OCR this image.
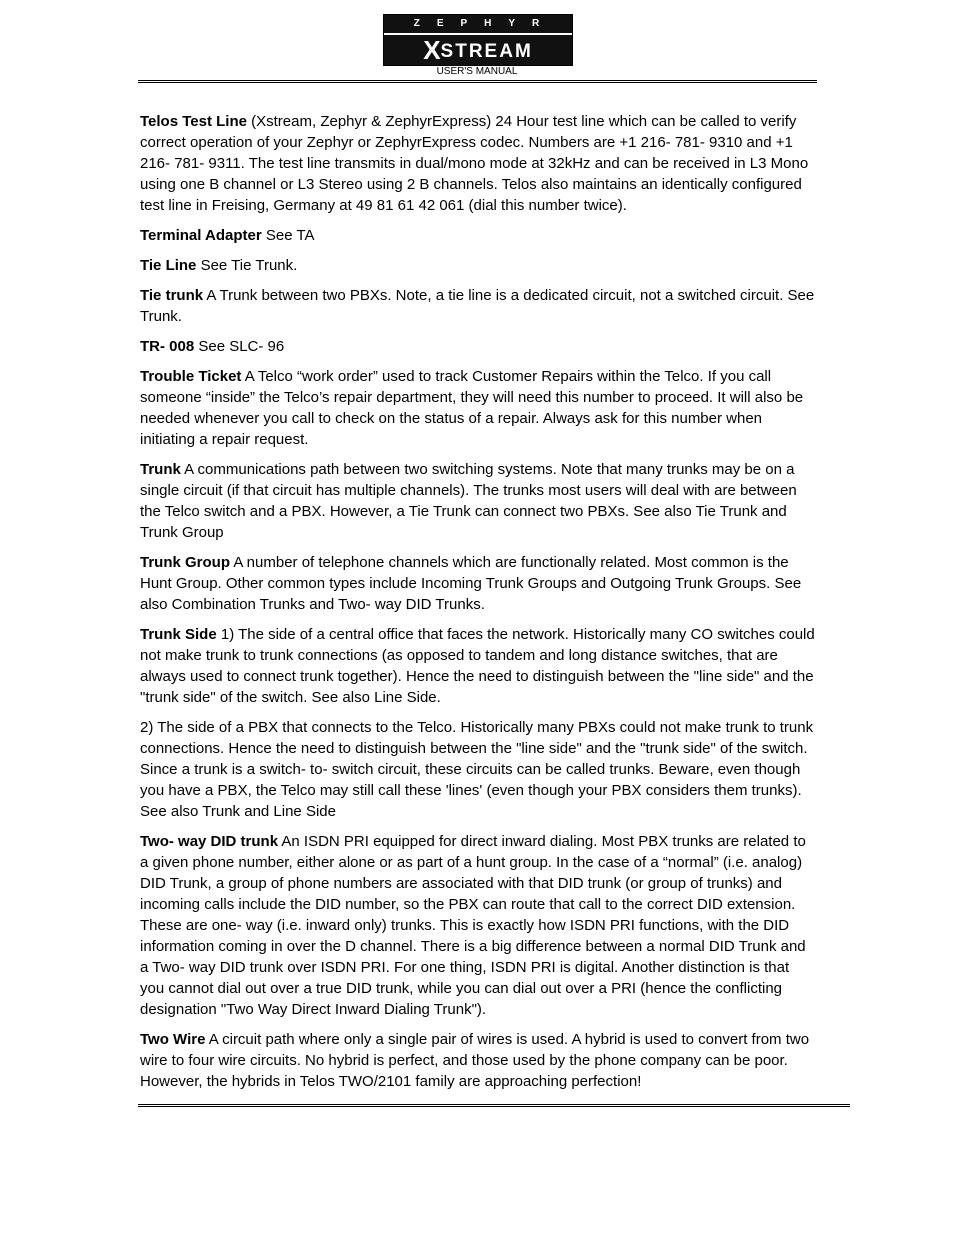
ZEPHYR
XSTREAM
USER'S MANUAL

Telos Test Line (Xstream, Zephyr & ZephyrExpress) 24 Hour test line which can be called to verify correct operation of your Zephyr or ZephyrExpress codec. Numbers are +1 216- 781- 9310 and +1 216- 781- 9311. The test line transmits in dual/mono mode at 32kHz and can be received in L3 Mono using one B channel or L3 Stereo using 2 B channels. Telos also maintains an identically configured test line in Freising, Germany at 49 81 61 42 061 (dial this number twice).

Terminal Adapter See TA

Tie Line See Tie Trunk.

Tie trunk A Trunk between two PBXs. Note, a tie line is a dedicated circuit, not a switched circuit. See Trunk.

TR- 008 See SLC- 96

Trouble Ticket A Telco “work order” used to track Customer Repairs within the Telco. If you call someone “inside” the Telco’s repair department, they will need this number to proceed. It will also be needed whenever you call to check on the status of a repair. Always ask for this number when initiating a repair request.

Trunk A communications path between two switching systems. Note that many trunks may be on a single circuit (if that circuit has multiple channels). The trunks most users will deal with are between the Telco switch and a PBX. However, a Tie Trunk can connect two PBXs. See also Tie Trunk and Trunk Group

Trunk Group A number of telephone channels which are functionally related. Most common is the Hunt Group. Other common types include Incoming Trunk Groups and Outgoing Trunk Groups. See also Combination Trunks and Two- way DID Trunks.

Trunk Side 1) The side of a central office that faces the network. Historically many CO switches could not make trunk to trunk connections (as opposed to tandem and long distance switches, that are always used to connect trunk together). Hence the need to distinguish between the "line side" and the "trunk side" of the switch. See also Line Side.

2) The side of a PBX that connects to the Telco. Historically many PBXs could not make trunk to trunk connections. Hence the need to distinguish between the "line side" and the "trunk side" of the switch. Since a trunk is a switch- to- switch circuit, these circuits can be called trunks. Beware, even though you have a PBX, the Telco may still call these 'lines' (even though your PBX considers them trunks). See also Trunk and Line Side

Two- way DID trunk An ISDN PRI equipped for direct inward dialing. Most PBX trunks are related to a given phone number, either alone or as part of a hunt group. In the case of a “normal” (i.e. analog) DID Trunk, a group of phone numbers are associated with that DID trunk (or group of trunks) and incoming calls include the DID number, so the PBX can route that call to the correct DID extension. These are one- way (i.e. inward only) trunks. This is exactly how ISDN PRI functions, with the DID information coming in over the D channel. There is a big difference between a normal DID Trunk and a Two- way DID trunk over ISDN PRI. For one thing, ISDN PRI is digital. Another distinction is that you cannot dial out over a true DID trunk, while you can dial out over a PRI (hence the conflicting designation "Two Way Direct Inward Dialing Trunk").

Two Wire A circuit path where only a single pair of wires is used. A hybrid is used to convert from two wire to four wire circuits. No hybrid is perfect, and those used by the phone company can be poor. However, the hybrids in Telos TWO/2101 family are approaching perfection!
